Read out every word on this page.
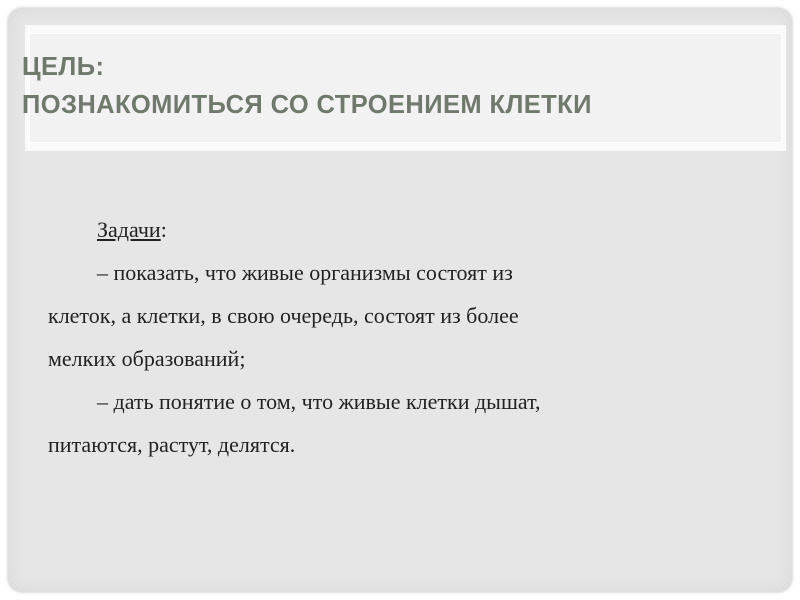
ЦЕЛЬ:
ПОЗНАКОМИТЬСЯ СО СТРОЕНИЕМ КЛЕТКИ

Задачи:

– показать, что живые организмы состоят из

клеток, а клетки, в свою очередь, состоят из более

мелких образований;

– дать понятие о том, что живые клетки дышат,

питаются, растут, делятся.
